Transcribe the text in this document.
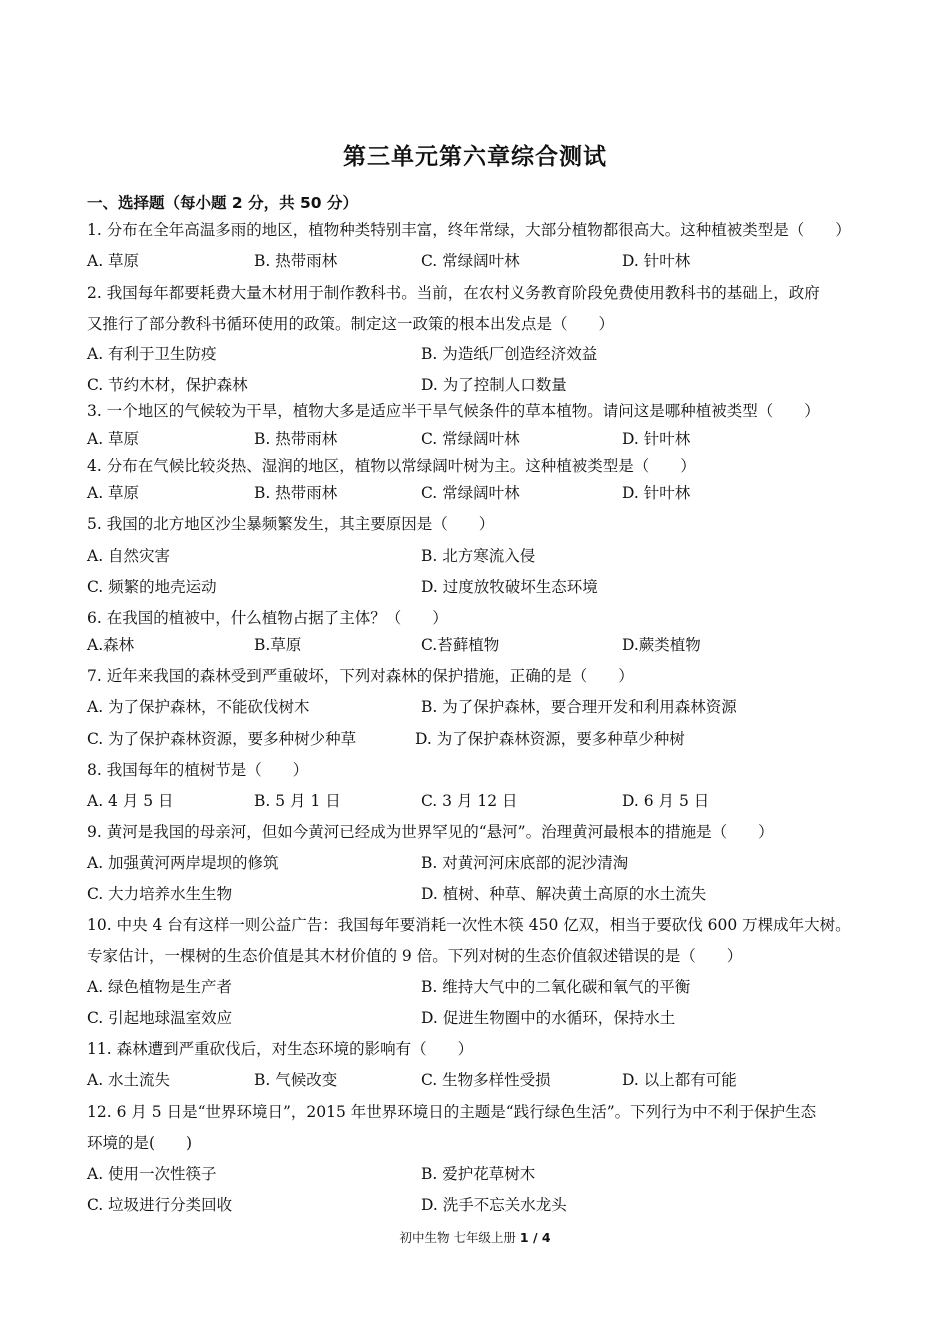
第三单元第六章综合测试
一、选择题（每小题 2 分，共 50 分）
1. 分布在全年高温多雨的地区，植物种类特别丰富，终年常绿，大部分植物都很高大。这种植被类型是（　　）
A. 草原	B. 热带雨林	C. 常绿阔叶林	D. 针叶林
2. 我国每年都要耗费大量木材用于制作教科书。当前，在农村义务教育阶段免费使用教科书的基础上，政府
又推行了部分教科书循环使用的政策。制定这一政策的根本出发点是（　　）
A. 有利于卫生防疫	B. 为造纸厂创造经济效益
C. 节约木材，保护森林	D. 为了控制人口数量
3. 一个地区的气候较为干旱，植物大多是适应半干旱气候条件的草本植物。请问这是哪种植被类型（　　）
A. 草原	B. 热带雨林	C. 常绿阔叶林	D. 针叶林
4. 分布在气候比较炎热、湿润的地区，植物以常绿阔叶树为主。这种植被类型是（　　）
A. 草原	B. 热带雨林	C. 常绿阔叶林	D. 针叶林
5. 我国的北方地区沙尘暴频繁发生，其主要原因是（　　）
A. 自然灾害	B. 北方寒流入侵
C. 频繁的地壳运动	D. 过度放牧破坏生态环境
6. 在我国的植被中，什么植物占据了主体？（　　）
A.森林	B.草原	C.苔藓植物	D.蕨类植物
7. 近年来我国的森林受到严重破坏，下列对森林的保护措施，正确的是（　　）
A. 为了保护森林，不能砍伐树木	B. 为了保护森林，要合理开发和利用森林资源
C. 为了保护森林资源，要多种树少种草	D. 为了保护森林资源，要多种草少种树
8. 我国每年的植树节是（　　）
A. 4 月 5 日	B. 5 月 1 日	C. 3 月 12 日	D. 6 月 5 日
9. 黄河是我国的母亲河，但如今黄河已经成为世界罕见的“悬河”。治理黄河最根本的措施是（　　）
A. 加强黄河两岸堤坝的修筑	B. 对黄河河床底部的泥沙清淘
C. 大力培养水生生物	D. 植树、种草、解决黄土高原的水土流失
10. 中央 4 台有这样一则公益广告：我国每年要消耗一次性木筷 450 亿双，相当于要砍伐 600 万棵成年大树。
专家估计，一棵树的生态价值是其木材价值的 9 倍。下列对树的生态价值叙述错误的是（　　）
A. 绿色植物是生产者	B. 维持大气中的二氧化碳和氧气的平衡
C. 引起地球温室效应	D. 促进生物圈中的水循环，保持水土
11. 森林遭到严重砍伐后，对生态环境的影响有（　　）
A. 水土流失	B. 气候改变	C. 生物多样性受损	D. 以上都有可能
12. 6 月 5 日是“世界环境日”，2015 年世界环境日的主题是“践行绿色生活”。下列行为中不利于保护生态
环境的是(　　)
A. 使用一次性筷子	B. 爱护花草树木
C. 垃圾进行分类回收	D. 洗手不忘关水龙头
初中生物 七年级上册 1 / 4
